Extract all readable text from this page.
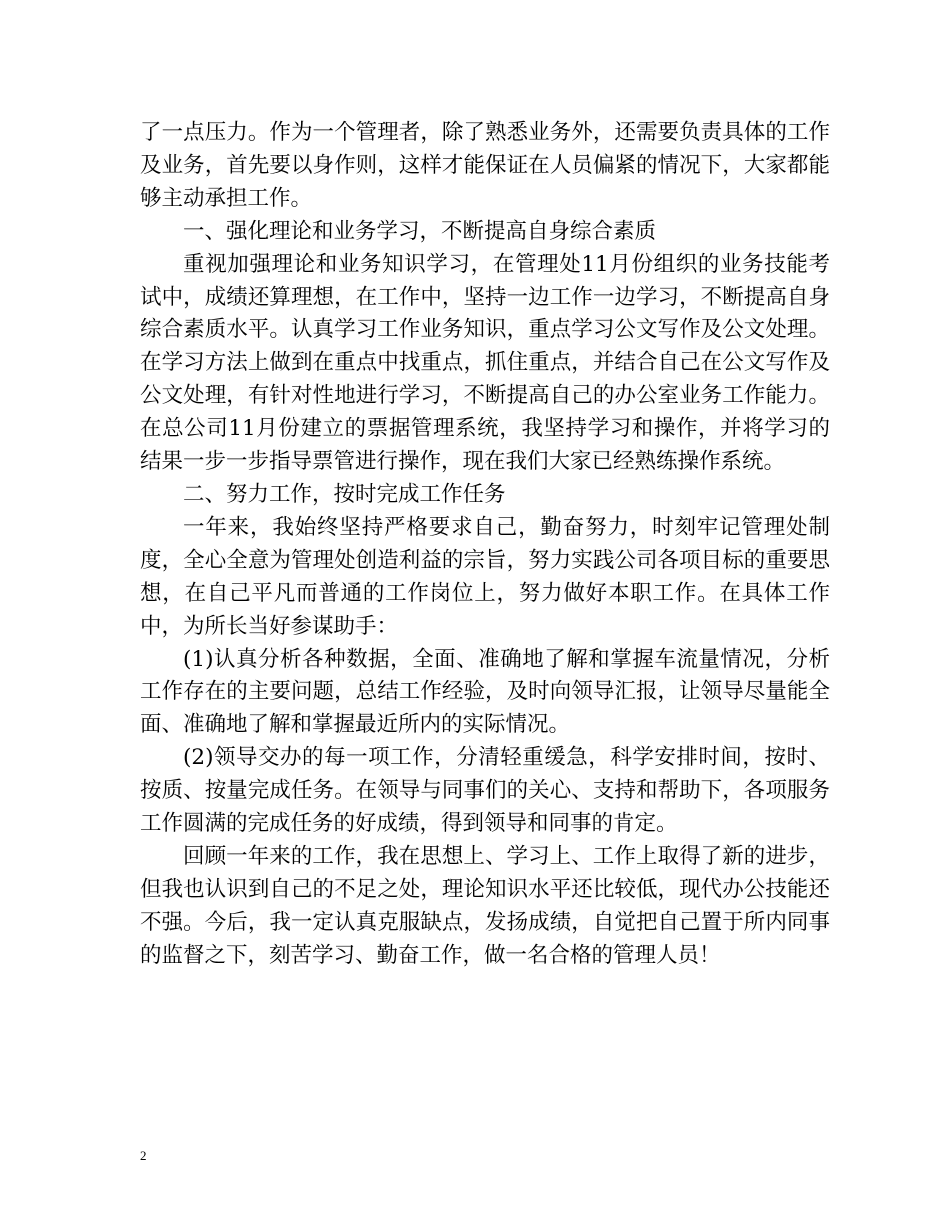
了一点压力。作为一个管理者，除了熟悉业务外，还需要负责具体的工作及业务，首先要以身作则，这样才能保证在人员偏紧的情况下，大家都能够主动承担工作。

一、强化理论和业务学习，不断提高自身综合素质

重视加强理论和业务知识学习，在管理处11月份组织的业务技能考试中，成绩还算理想，在工作中，坚持一边工作一边学习，不断提高自身综合素质水平。认真学习工作业务知识，重点学习公文写作及公文处理。在学习方法上做到在重点中找重点，抓住重点，并结合自己在公文写作及公文处理，有针对性地进行学习，不断提高自己的办公室业务工作能力。在总公司11月份建立的票据管理系统，我坚持学习和操作，并将学习的结果一步一步指导票管进行操作，现在我们大家已经熟练操作系统。

二、努力工作，按时完成工作任务

一年来，我始终坚持严格要求自己，勤奋努力，时刻牢记管理处制度，全心全意为管理处创造利益的宗旨，努力实践公司各项目标的重要思想，在自己平凡而普通的工作岗位上，努力做好本职工作。在具体工作中，为所长当好参谋助手：

(1)认真分析各种数据，全面、准确地了解和掌握车流量情况，分析工作存在的主要问题，总结工作经验，及时向领导汇报，让领导尽量能全面、准确地了解和掌握最近所内的实际情况。

(2)领导交办的每一项工作，分清轻重缓急，科学安排时间，按时、按质、按量完成任务。在领导与同事们的关心、支持和帮助下，各项服务工作圆满的完成任务的好成绩，得到领导和同事的肯定。

回顾一年来的工作，我在思想上、学习上、工作上取得了新的进步，但我也认识到自己的不足之处，理论知识水平还比较低，现代办公技能还不强。今后，我一定认真克服缺点，发扬成绩，自觉把自己置于所内同事的监督之下，刻苦学习、勤奋工作，做一名合格的管理人员！

2
